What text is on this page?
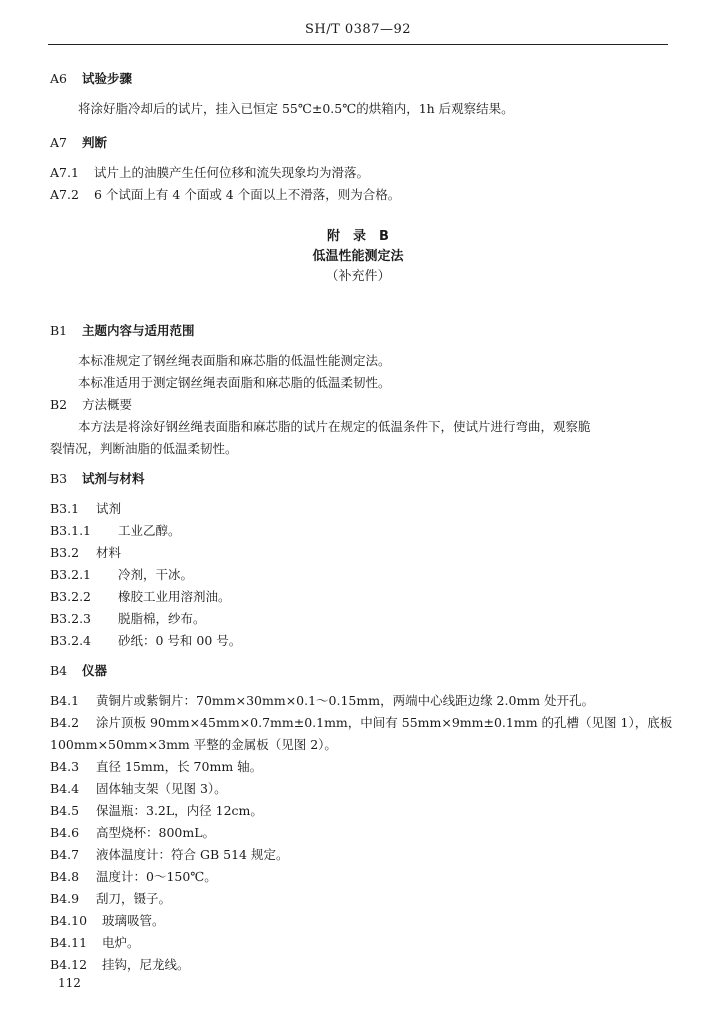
SH/T 0387—92
A6 试验步骤
将涂好脂冷却后的试片，挂入已恒定 55℃±0.5℃的烘箱内，1h 后观察结果。
A7 判断
A7.1 试片上的油膜产生任何位移和流失现象均为滑落。
A7.2 6 个试面上有 4 个面或 4 个面以上不滑落，则为合格。
附　录　B
低温性能测定法
（补充件）
B1 主题内容与适用范围
本标准规定了钢丝绳表面脂和麻芯脂的低温性能测定法。
本标准适用于测定钢丝绳表面脂和麻芯脂的低温柔韧性。
B2 方法概要
本方法是将涂好钢丝绳表面脂和麻芯脂的试片在规定的低温条件下，使试片进行弯曲，观察脆
裂情况，判断油脂的低温柔韧性。
B3 试剂与材料
B3.1 试剂
B3.1.1 工业乙醇。
B3.2 材料
B3.2.1 冷剂，干冰。
B3.2.2 橡胶工业用溶剂油。
B3.2.3 脱脂棉，纱布。
B3.2.4 砂纸：0 号和 00 号。
B4 仪器
B4.1 黄铜片或紫铜片：70mm×30mm×0.1～0.15mm，两端中心线距边缘 2.0mm 处开孔。
B4.2 涂片顶板 90mm×45mm×0.7mm±0.1mm，中间有 55mm×9mm±0.1mm 的孔槽（见图 1），底板
100mm×50mm×3mm 平整的金属板（见图 2）。
B4.3 直径 15mm，长 70mm 轴。
B4.4 固体轴支架（见图 3）。
B4.5 保温瓶：3.2L，内径 12cm。
B4.6 高型烧杯：800mL。
B4.7 液体温度计：符合 GB 514 规定。
B4.8 温度计：0～150℃。
B4.9 刮刀，镊子。
B4.10 玻璃吸管。
B4.11 电炉。
B4.12 挂钩，尼龙线。
112
